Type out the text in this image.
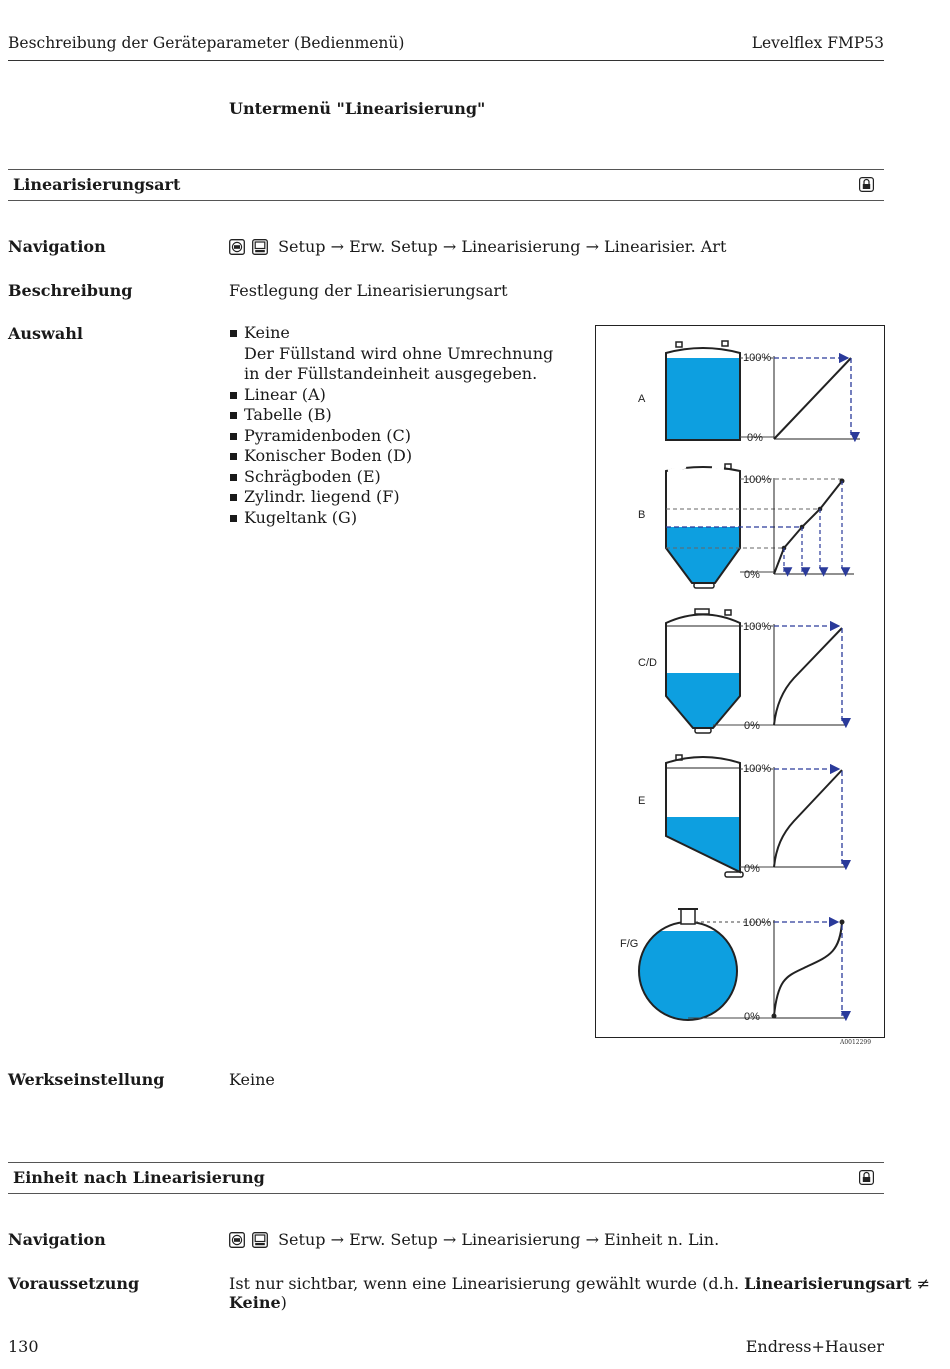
Beschreibung der Geräteparameter (Bedienmenü)	Levelflex FMP53
Untermenü "Linearisierung"
Linearisierungsart
Navigation	Setup → Erw. Setup → Linearisierung → Linearisier. Art
Beschreibung	Festlegung der Linearisierungsart
Auswahl	Keine
Der Füllstand wird ohne Umrechnung in der Füllstandeinheit ausgegeben.
Linear (A)
Tabelle (B)
Pyramidenboden (C)
Konischer Boden (D)
Schrägboden (E)
Zylindr. liegend (F)
Kugeltank (G)
A
100%
0%
B
100%
0%
C/D
100%
0%
E
100%
0%
F/G
100%
0%
A0012299
Werkseinstellung	Keine
Einheit nach Linearisierung
Navigation	Setup → Erw. Setup → Linearisierung → Einheit n. Lin.
Voraussetzung	Ist nur sichtbar, wenn eine Linearisierung gewählt wurde (d.h. Linearisierungsart ≠ Keine)
130	Endress+Hauser
